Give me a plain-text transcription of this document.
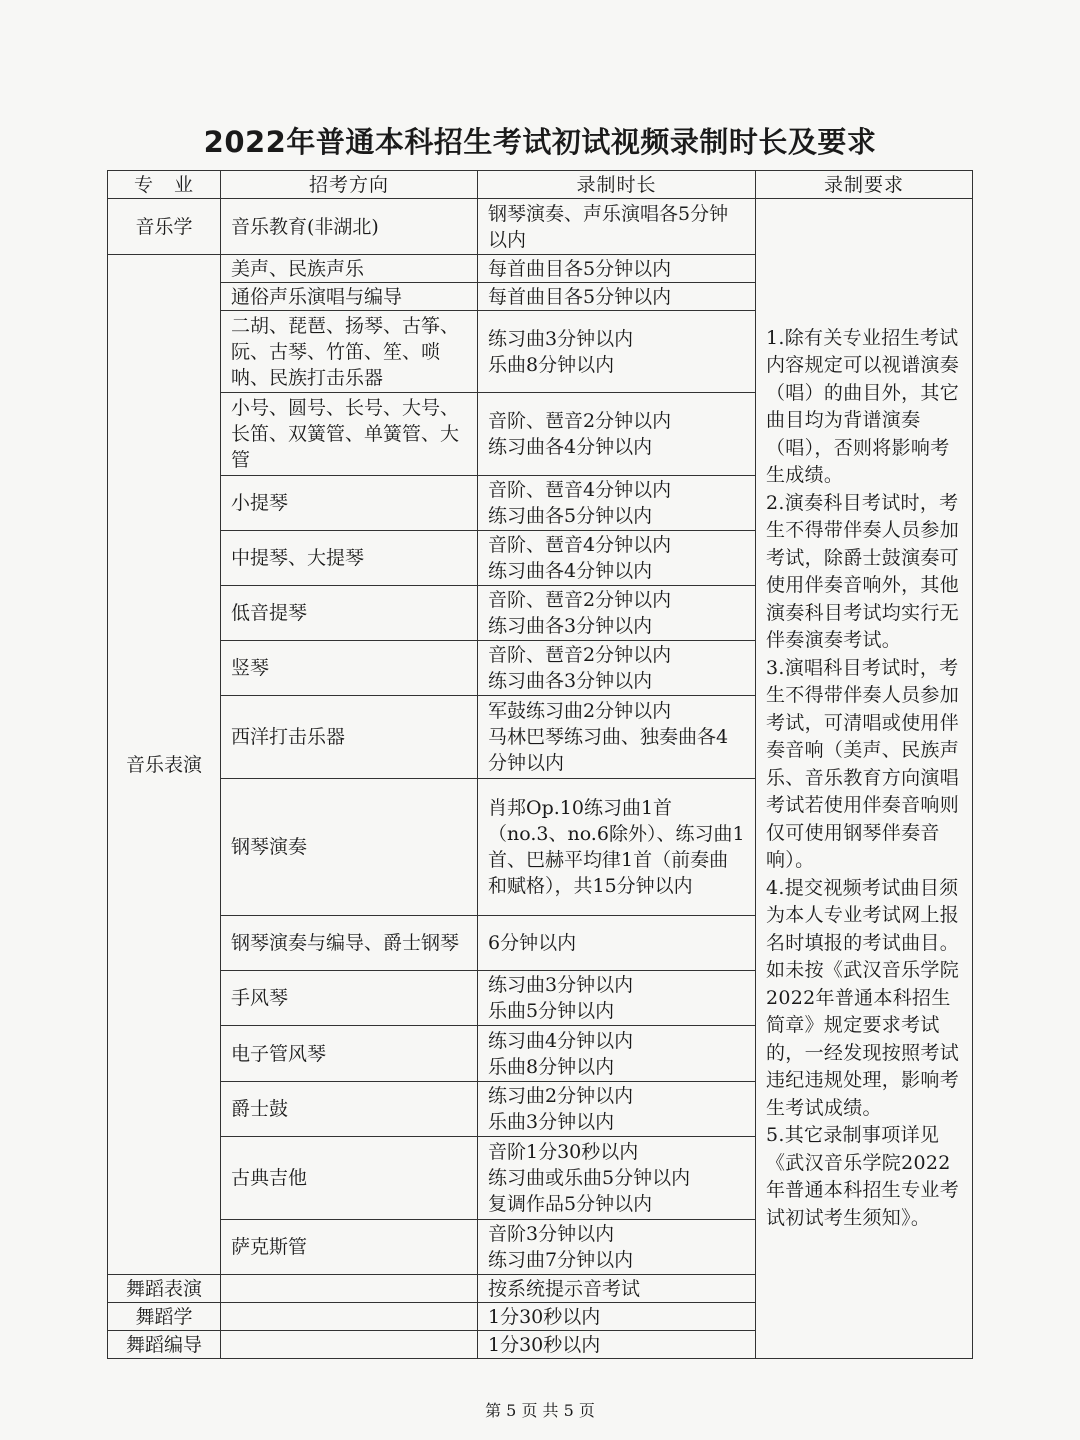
2022年普通本科招生考试初试视频录制时长及要求
专　业	招考方向	录制时长	录制要求
音乐学	音乐教育(非湖北)	钢琴演奏、声乐演唱各5分钟以内	1.除有关专业招生考试内容规定可以视谱演奏（唱）的曲目外，其它曲目均为背谱演奏（唱），否则将影响考生成绩。
2.演奏科目考试时，考生不得带伴奏人员参加考试，除爵士鼓演奏可使用伴奏音响外，其他演奏科目考试均实行无伴奏演奏考试。
3.演唱科目考试时，考生不得带伴奏人员参加考试，可清唱或使用伴奏音响（美声、民族声乐、音乐教育方向演唱考试若使用伴奏音响则仅可使用钢琴伴奏音响）。
4.提交视频考试曲目须为本人专业考试网上报名时填报的考试曲目。如未按《武汉音乐学院2022年普通本科招生简章》规定要求考试的，一经发现按照考试违纪违规处理，影响考生考试成绩。
5.其它录制事项详见《武汉音乐学院2022年普通本科招生专业考试初试考生须知》。

音乐表演	美声、民族声乐	每首曲目各5分钟以内	
	通俗声乐演唱与编导	每首曲目各5分钟以内	
	二胡、琵琶、扬琴、古筝、阮、古琴、竹笛、笙、唢呐、民族打击乐器	练习曲3分钟以内
乐曲8分钟以内	
	小号、圆号、长号、大号、长笛、双簧管、单簧管、大管	音阶、琶音2分钟以内
练习曲各4分钟以内	
	小提琴	音阶、琶音4分钟以内
练习曲各5分钟以内	
	中提琴、大提琴	音阶、琶音4分钟以内
练习曲各4分钟以内	
	低音提琴	音阶、琶音2分钟以内
练习曲各3分钟以内	
	竖琴	音阶、琶音2分钟以内
练习曲各3分钟以内	
	西洋打击乐器	军鼓练习曲2分钟以内
马林巴琴练习曲、独奏曲各4分钟以内	
	钢琴演奏	肖邦Op.10练习曲1首（no.3、no.6除外）、练习曲1首、巴赫平均律1首（前奏曲和赋格），共15分钟以内	
	钢琴演奏与编导、爵士钢琴	6分钟以内	
	手风琴	练习曲3分钟以内
乐曲5分钟以内	
	电子管风琴	练习曲4分钟以内
乐曲8分钟以内	
	爵士鼓	练习曲2分钟以内
乐曲3分钟以内	
	古典吉他	音阶1分30秒以内
练习曲或乐曲5分钟以内
复调作品5分钟以内	
	萨克斯管	音阶3分钟以内
练习曲7分钟以内	
舞蹈表演		按系统提示音考试	
舞蹈学		1分30秒以内	
舞蹈编导		1分30秒以内	
第 5 页 共 5 页
